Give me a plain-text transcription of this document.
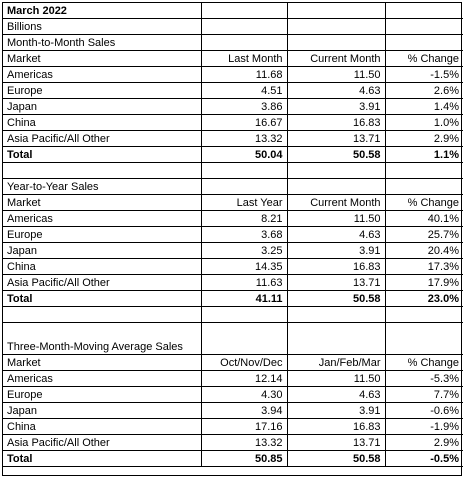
March 2022			
Billions			
Month-to-Month Sales			
Market	Last Month	Current Month	% Change
Americas	11.68	11.50	-1.5%
Europe	4.51	4.63	2.6%
Japan	3.86	3.91	1.4%
China	16.67	16.83	1.0%
Asia Pacific/All Other	13.32	13.71	2.9%
Total	50.04	50.58	1.1%

Year-to-Year Sales			
Market	Last Year	Current Month	% Change
Americas	8.21	11.50	40.1%
Europe	3.68	4.63	25.7%
Japan	3.25	3.91	20.4%
China	14.35	16.83	17.3%
Asia Pacific/All Other	11.63	13.71	17.9%
Total	41.11	50.58	23.0%

Three-Month-Moving Average Sales			
Market	Oct/Nov/Dec	Jan/Feb/Mar	% Change
Americas	12.14	11.50	-5.3%
Europe	4.30	4.63	7.7%
Japan	3.94	3.91	-0.6%
China	17.16	16.83	-1.9%
Asia Pacific/All Other	13.32	13.71	2.9%
Total	50.85	50.58	-0.5%
